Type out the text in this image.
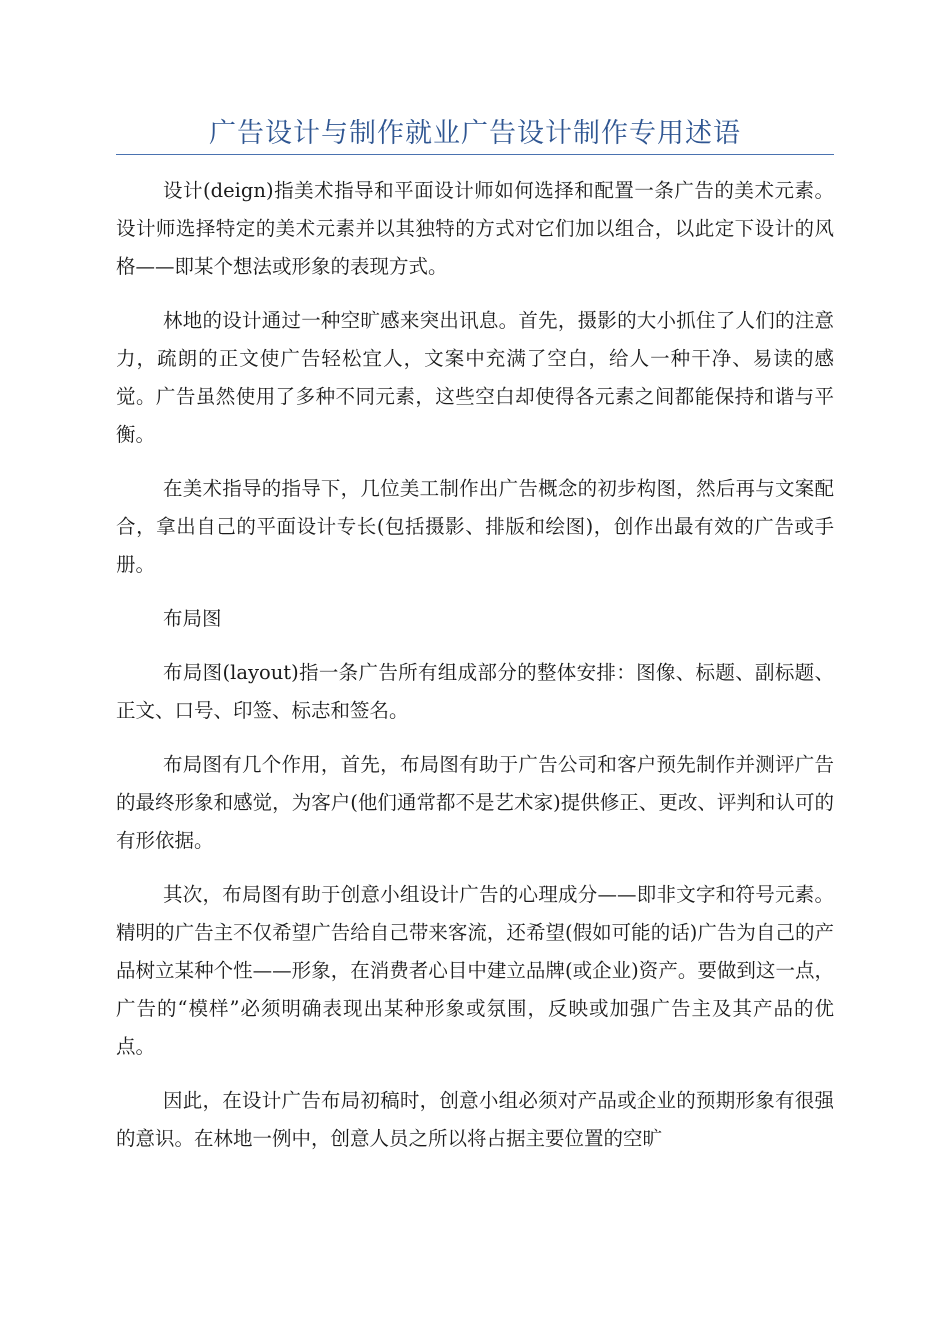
广告设计与制作就业广告设计制作专用述语

设计(deign)指美术指导和平面设计师如何选择和配置一条广告的美术元素。设计师选择特定的美术元素并以其独特的方式对它们加以组合，以此定下设计的风格——即某个想法或形象的表现方式。

林地的设计通过一种空旷感来突出讯息。首先，摄影的大小抓住了人们的注意力，疏朗的正文使广告轻松宜人，文案中充满了空白，给人一种干净、易读的感觉。广告虽然使用了多种不同元素，这些空白却使得各元素之间都能保持和谐与平衡。

在美术指导的指导下，几位美工制作出广告概念的初步构图，然后再与文案配合，拿出自己的平面设计专长(包括摄影、排版和绘图)，创作出最有效的广告或手册。

布局图

布局图(layout)指一条广告所有组成部分的整体安排：图像、标题、副标题、正文、口号、印签、标志和签名。

布局图有几个作用，首先，布局图有助于广告公司和客户预先制作并测评广告的最终形象和感觉，为客户(他们通常都不是艺术家)提供修正、更改、评判和认可的有形依据。

其次，布局图有助于创意小组设计广告的心理成分——即非文字和符号元素。精明的广告主不仅希望广告给自己带来客流，还希望(假如可能的话)广告为自己的产品树立某种个性——形象，在消费者心目中建立品牌(或企业)资产。要做到这一点，广告的“模样”必须明确表现出某种形象或氛围，反映或加强广告主及其产品的优点。

因此，在设计广告布局初稿时，创意小组必须对产品或企业的预期形象有很强的意识。在林地一例中，创意人员之所以将占据主要位置的空旷
